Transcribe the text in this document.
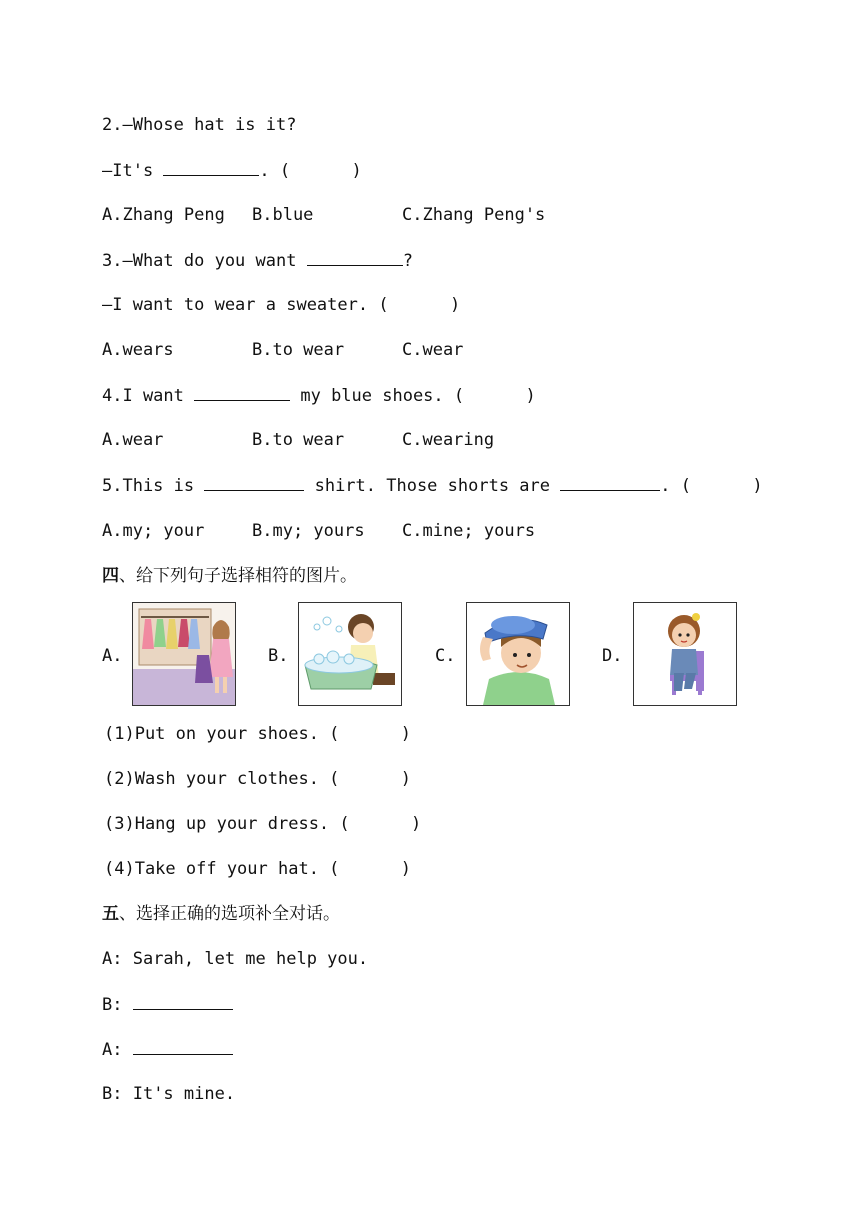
2.—Whose hat is it?
—It's	. (      )
A.Zhang Peng B.blue	C.Zhang Peng's
3.—What do you want	?
—I want to wear a sweater. (      )
A.wears	B.to wear	C.wear
4.I want	my blue shoes. (      )
A.wear	B.to wear	C.wearing
5.This is	shirt. Those shorts are	. (      )
A.my; your	B.my; yours C.mine; yours
四、给下列句子选择相符的图片。
A.	B.	C.	D.
(1)Put on your shoes. (      )
(2)Wash your clothes. (      )
(3)Hang up your dress. (      )
(4)Take off your hat. (      )
五、选择正确的选项补全对话。
A: Sarah, let me help you.
B:
A:
B: It's mine.
